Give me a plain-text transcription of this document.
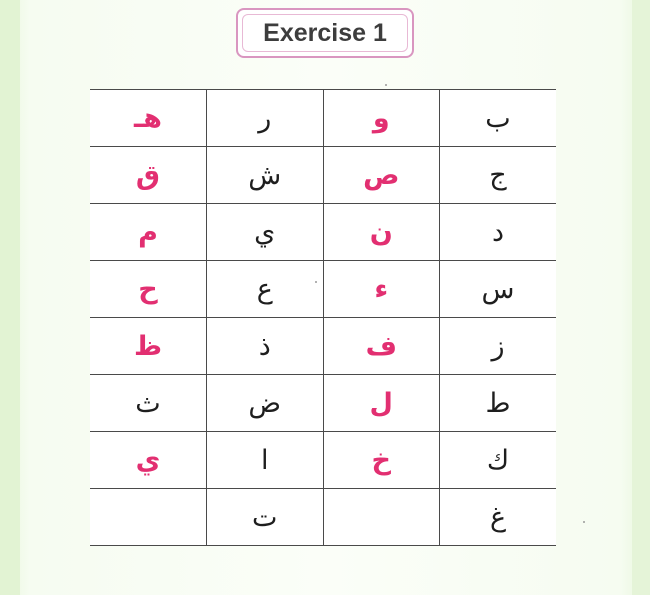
Exercise 1
هـ	ر	و	ب
ق	ش	ص	ج
م	ي	ن	د
ح	ع	ء	س
ظ	ذ	ف	ز
ث	ض	ل	ط
ي	ا	خ	ك
	ت		غ
